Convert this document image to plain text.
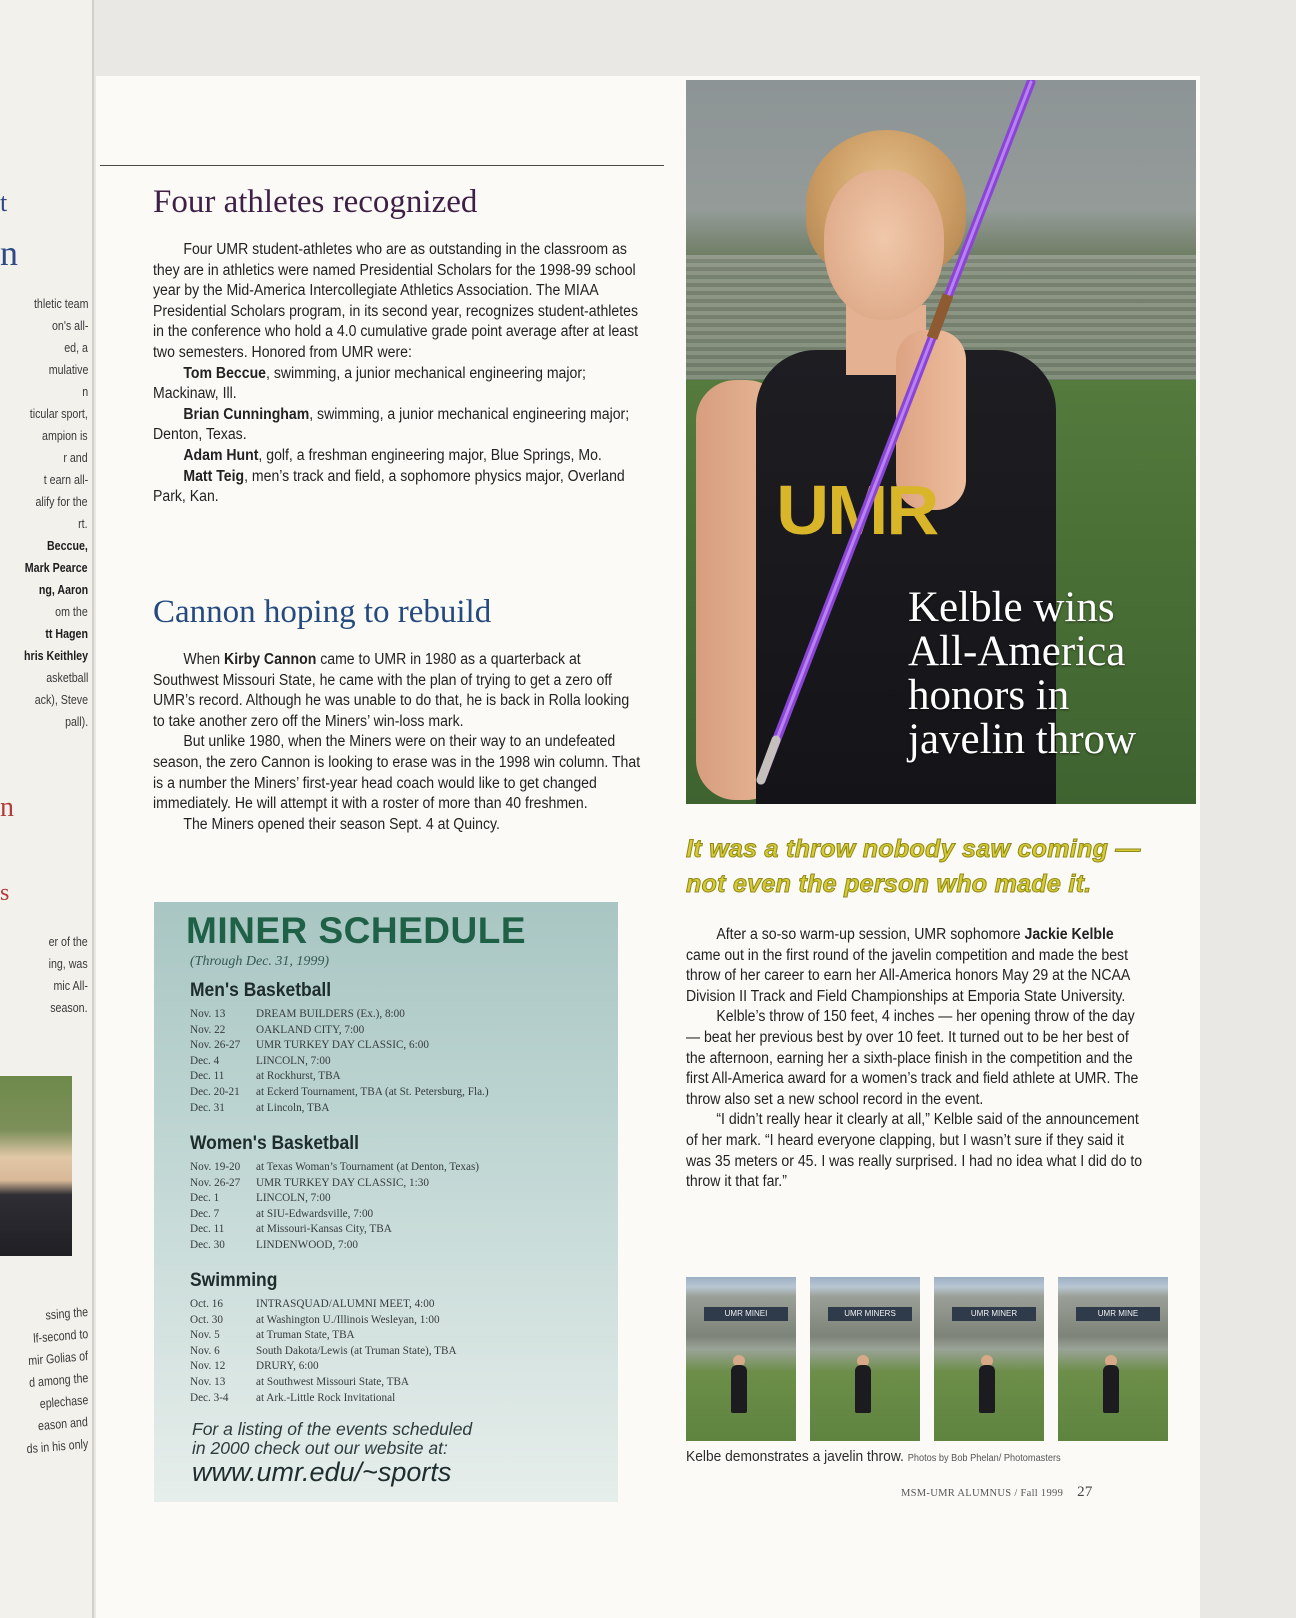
t
n
thletic team
on's all-
ed, a
mulative
n
ticular sport,
ampion is
r and
t earn all-
alify for the
rt.
Beccue,
Mark Pearce
ng, Aaron
om the
tt Hagen
hris Keithley
asketball
ack), Steve
pall).
n
s
er of the
ing, was
mic All-
season.
ssing the
lf-second to
mir Golias of
d among the
eplechase
eason and
ds in his only
Four athletes recognized

Four UMR student-athletes who are as outstanding in the classroom as they are in athletics were named Presidential Scholars for the 1998-99 school year by the Mid-America Intercollegiate Athletics Association. The MIAA Presidential Scholars program, in its second year, recognizes student-athletes in the conference who hold a 4.0 cumulative grade point average after at least two semesters. Honored from UMR were:

Tom Beccue, swimming, a junior mechanical engineering major; Mackinaw, Ill.

Brian Cunningham, swimming, a junior mechanical engineering major; Denton, Texas.

Adam Hunt, golf, a freshman engineering major, Blue Springs, Mo.

Matt Teig, men’s track and field, a sophomore physics major, Overland Park, Kan.

Cannon hoping to rebuild

When Kirby Cannon came to UMR in 1980 as a quarterback at Southwest Missouri State, he came with the plan of trying to get a zero off UMR’s record. Although he was unable to do that, he is back in Rolla looking to take another zero off the Miners’ win-loss mark.

But unlike 1980, when the Miners were on their way to an undefeated season, the zero Cannon is looking to erase was in the 1998 win column. That is a number the Miners’ first-year head coach would like to get changed immediately. He will attempt it with a roster of more than 40 freshmen.

The Miners opened their season Sept. 4 at Quincy.

MINER SCHEDULE
(Through Dec. 31, 1999)
Men's Basketball
Nov. 13	DREAM BUILDERS (Ex.), 8:00
Nov. 22	OAKLAND CITY, 7:00
Nov. 26-27	UMR TURKEY DAY CLASSIC, 6:00
Dec. 4	LINCOLN, 7:00
Dec. 11	at Rockhurst, TBA
Dec. 20-21	at Eckerd Tournament, TBA (at St. Petersburg, Fla.)
Dec. 31	at Lincoln, TBA
Women's Basketball
Nov. 19-20	at Texas Woman’s Tournament (at Denton, Texas)
Nov. 26-27	UMR TURKEY DAY CLASSIC, 1:30
Dec. 1	LINCOLN, 7:00
Dec. 7	at SIU-Edwardsville, 7:00
Dec. 11	at Missouri-Kansas City, TBA
Dec. 30	LINDENWOOD, 7:00
Swimming
Oct. 16	INTRASQUAD/ALUMNI MEET, 4:00
Oct. 30	at Washington U./Illinois Wesleyan, 1:00
Nov. 5	at Truman State, TBA
Nov. 6	South Dakota/Lewis (at Truman State), TBA
Nov. 12	DRURY, 6:00
Nov. 13	at Southwest Missouri State, TBA
Dec. 3-4	at Ark.-Little Rock Invitational
For a listing of the events scheduled
in 2000 check out our website at:
www.umr.edu/~sports
UMR
Kelble wins
All-America
honors in
javelin throw
It was a throw nobody saw coming —
not even the person who made it.

After a so-so warm-up session, UMR sophomore Jackie Kelble came out in the first round of the javelin competition and made the best throw of her career to earn her All-America honors May 29 at the NCAA Division II Track and Field Championships at Emporia State University.

Kelble’s throw of 150 feet, 4 inches — her opening throw of the day — beat her previous best by over 10 feet. It turned out to be her best of the afternoon, earning her a sixth-place finish in the competition and the first All-America award for a women’s track and field athlete at UMR. The throw also set a new school record in the event.

“I didn’t really hear it clearly at all,” Kelble said of the announcement of her mark. “I heard everyone clapping, but I wasn’t sure if they said it was 35 meters or 45. I was really surprised. I had no idea what I did do to throw it that far.”

UMR MINEI	UMR MINERS	UMR MINER	UMR MINE
Kelbe demonstrates a javelin throw. Photos by Bob Phelan/ Photomasters
MSM-UMR ALUMNUS / Fall 1999 27
